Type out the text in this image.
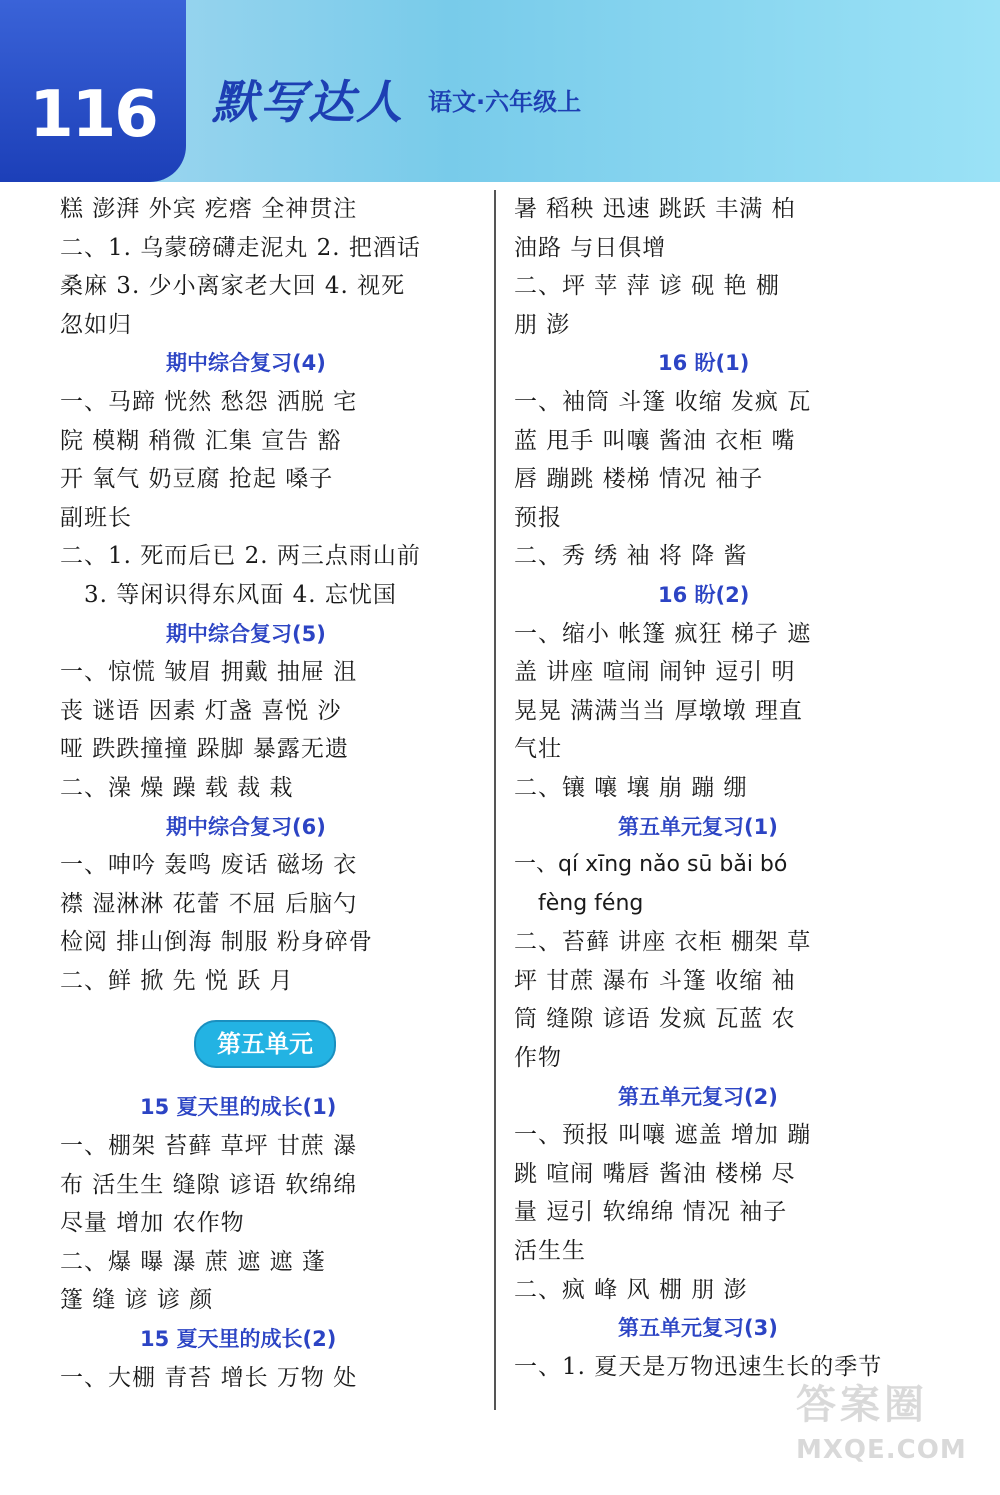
116	默写达人 语文·六年级上
糕 澎湃 外宾 疙瘩 全神贯注
二、1. 乌蒙磅礴走泥丸 2. 把酒话
桑麻 3. 少小离家老大回 4. 视死
忽如归
期中综合复习(4)
一、马蹄 恍然 愁怨 洒脱 宅
院 模糊 稍微 汇集 宣告 豁
开 氧气 奶豆腐 抢起 嗓子
副班长
二、1. 死而后已 2. 两三点雨山前
3. 等闲识得东风面 4. 忘忧国
期中综合复习(5)
一、惊慌 皱眉 拥戴 抽屉 沮
丧 谜语 因素 灯盏 喜悦 沙
哑 跌跌撞撞 跺脚 暴露无遗
二、澡 燥 躁 载 裁 栽
期中综合复习(6)
一、呻吟 轰鸣 废话 磁场 衣
襟 湿淋淋 花蕾 不屈 后脑勺
检阅 排山倒海 制服 粉身碎骨
二、鲜 掀 先 悦 跃 月
第五单元
15 夏天里的成长(1)
一、棚架 苔藓 草坪 甘蔗 瀑
布 活生生 缝隙 谚语 软绵绵
尽量 增加 农作物
二、爆 曝 瀑 蔗 遮 遮 蓬
篷 缝 谚 谚 颜
15 夏天里的成长(2)
一、大棚 青苔 增长 万物 处
暑 稻秧 迅速 跳跃 丰满 柏
油路 与日俱增
二、坪 苹 萍 谚 砚 艳 棚
朋 澎
16 盼(1)
一、袖筒 斗篷 收缩 发疯 瓦
蓝 甩手 叫嚷 酱油 衣柜 嘴
唇 蹦跳 楼梯 情况 袖子
预报
二、秀 绣 袖 将 降 酱
16 盼(2)
一、缩小 帐篷 疯狂 梯子 遮
盖 讲座 喧闹 闹钟 逗引 明
晃晃 满满当当 厚墩墩 理直
气壮
二、镶 嚷 壤 崩 蹦 绷
第五单元复习(1)
一、qí xīng nǎo sū bǎi bó
fèng féng
二、苔藓 讲座 衣柜 棚架 草
坪 甘蔗 瀑布 斗篷 收缩 袖
筒 缝隙 谚语 发疯 瓦蓝 农
作物
第五单元复习(2)
一、预报 叫嚷 遮盖 增加 蹦
跳 喧闹 嘴唇 酱油 楼梯 尽
量 逗引 软绵绵 情况 袖子
活生生
二、疯 峰 风 棚 朋 澎
第五单元复习(3)
一、1. 夏天是万物迅速生长的季节
答案圈
MXQE.COM
